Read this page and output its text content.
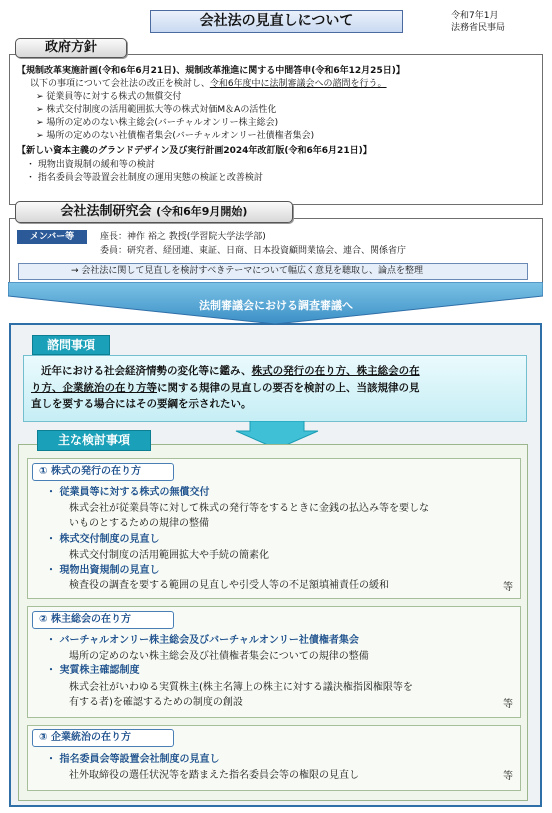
会社法の見直しについて	令和7年1月
法務省民事局
政府方針
【規制改革実施計画(令和6年6月21日)、規制改革推進に関する中間答申(令和6年12月25日)】
以下の事項について会社法の改正を検討し、令和6年度中に法制審議会への諮問を行う。
➢ 従業員等に対する株式の無償交付
➢ 株式交付制度の活用範囲拡大等の株式対価M＆Aの活性化
➢ 場所の定めのない株主総会(バーチャルオンリー株主総会)
➢ 場所の定めのない社債権者集会(バーチャルオンリー社債権者集会)
【新しい資本主義のグランドデザイン及び実行計画2024年改訂版(令和6年6月21日)】
・ 現物出資規制の緩和等の検討
・ 指名委員会等設置会社制度の運用実態の検証と改善検討
会社法制研究会 (令和6年9月開始)
メンバー等	座長：神作 裕之 教授(学習院大学法学部)
委員：研究者、経団連、東証、日商、日本投資顧問業協会、連合、関係省庁
→ 会社法に関して見直しを検討すべきテーマについて幅広く意見を聴取し、論点を整理
法制審議会における調査審議へ
諮問事項
近年における社会経済情勢の変化等に鑑み、株式の発行の在り方、株主総会の在
り方、企業統治の在り方等に関する規律の見直しの要否を検討の上、当該規律の見
直しを要する場合にはその要綱を示されたい。
主な検討事項
① 株式の発行の在り方
・ 従業員等に対する株式の無償交付
株式会社が従業員等に対して株式の発行等をするときに金銭の払込み等を要しな
いものとするための規律の整備
・ 株式交付制度の見直し
株式交付制度の活用範囲拡大や手続の簡素化
・ 現物出資規制の見直し
検査役の調査を要する範囲の見直しや引受人等の不足額填補責任の緩和	等
② 株主総会の在り方
・ バーチャルオンリー株主総会及びバーチャルオンリー社債権者集会
場所の定めのない株主総会及び社債権者集会についての規律の整備
・ 実質株主確認制度
株式会社がいわゆる実質株主(株主名簿上の株主に対する議決権指図権限等を
有する者)を確認するための制度の創設	等
③ 企業統治の在り方
・ 指名委員会等設置会社制度の見直し
社外取締役の選任状況等を踏まえた指名委員会等の権限の見直し	等
